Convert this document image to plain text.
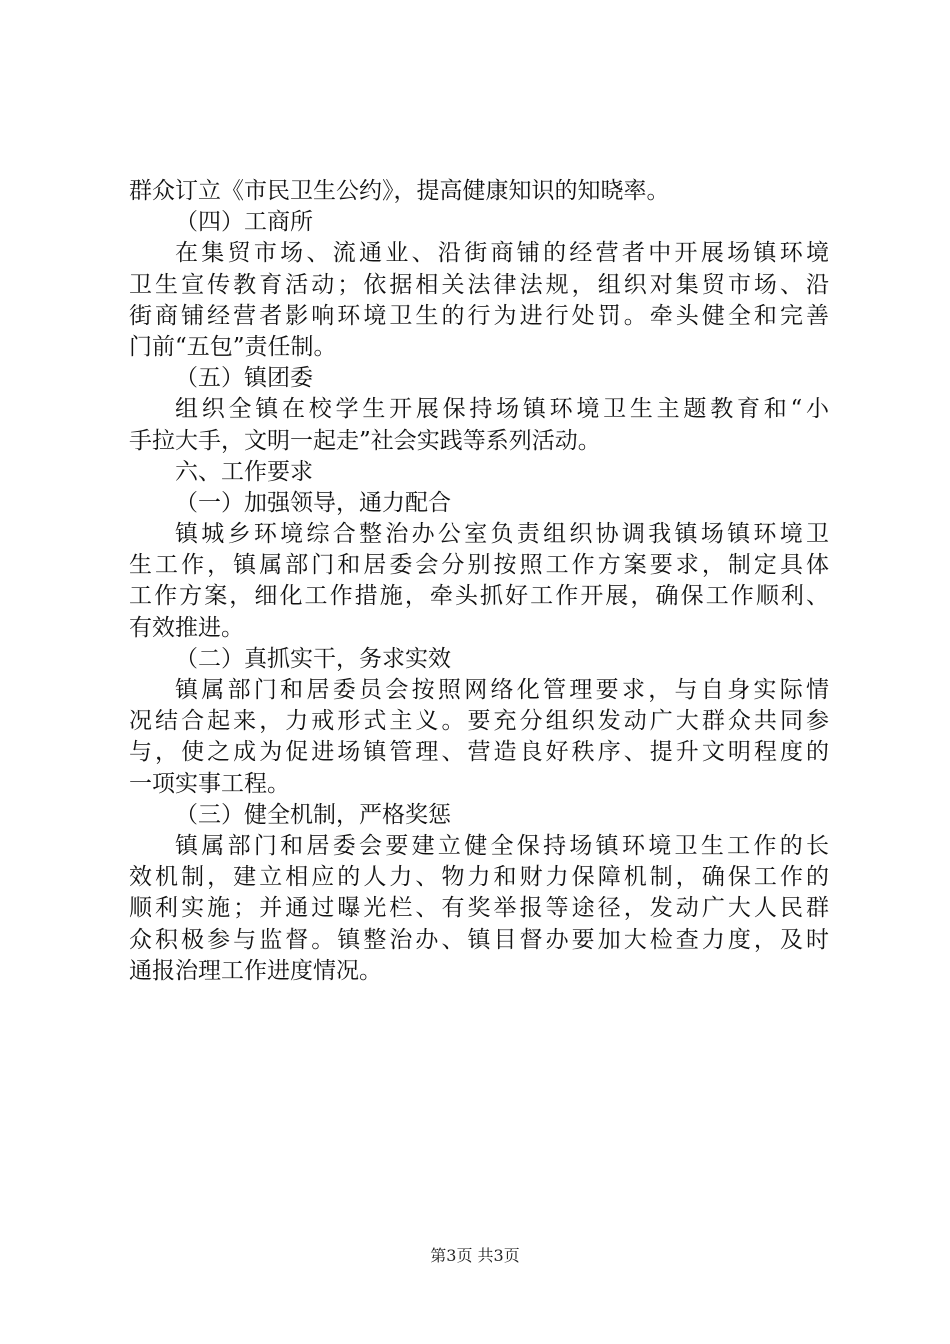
群众订立《市民卫生公约》，提高健康知识的知晓率。
（四）工商所
在集贸市场、流通业、沿街商铺的经营者中开展场镇环境
卫生宣传教育活动；依据相关法律法规，组织对集贸市场、沿
街商铺经营者影响环境卫生的行为进行处罚。牵头健全和完善
门前“五包”责任制。
（五）镇团委
组织全镇在校学生开展保持场镇环境卫生主题教育和“小
手拉大手，文明一起走”社会实践等系列活动。
六、工作要求
（一）加强领导，通力配合
镇城乡环境综合整治办公室负责组织协调我镇场镇环境卫
生工作，镇属部门和居委会分别按照工作方案要求，制定具体
工作方案，细化工作措施，牵头抓好工作开展，确保工作顺利、
有效推进。
（二）真抓实干，务求实效
镇属部门和居委员会按照网络化管理要求，与自身实际情
况结合起来，力戒形式主义。要充分组织发动广大群众共同参
与，使之成为促进场镇管理、营造良好秩序、提升文明程度的
一项实事工程。
（三）健全机制，严格奖惩
镇属部门和居委会要建立健全保持场镇环境卫生工作的长
效机制，建立相应的人力、物力和财力保障机制，确保工作的
顺利实施；并通过曝光栏、有奖举报等途径，发动广大人民群
众积极参与监督。镇整治办、镇目督办要加大检查力度，及时
通报治理工作进度情况。
第3页 共3页
